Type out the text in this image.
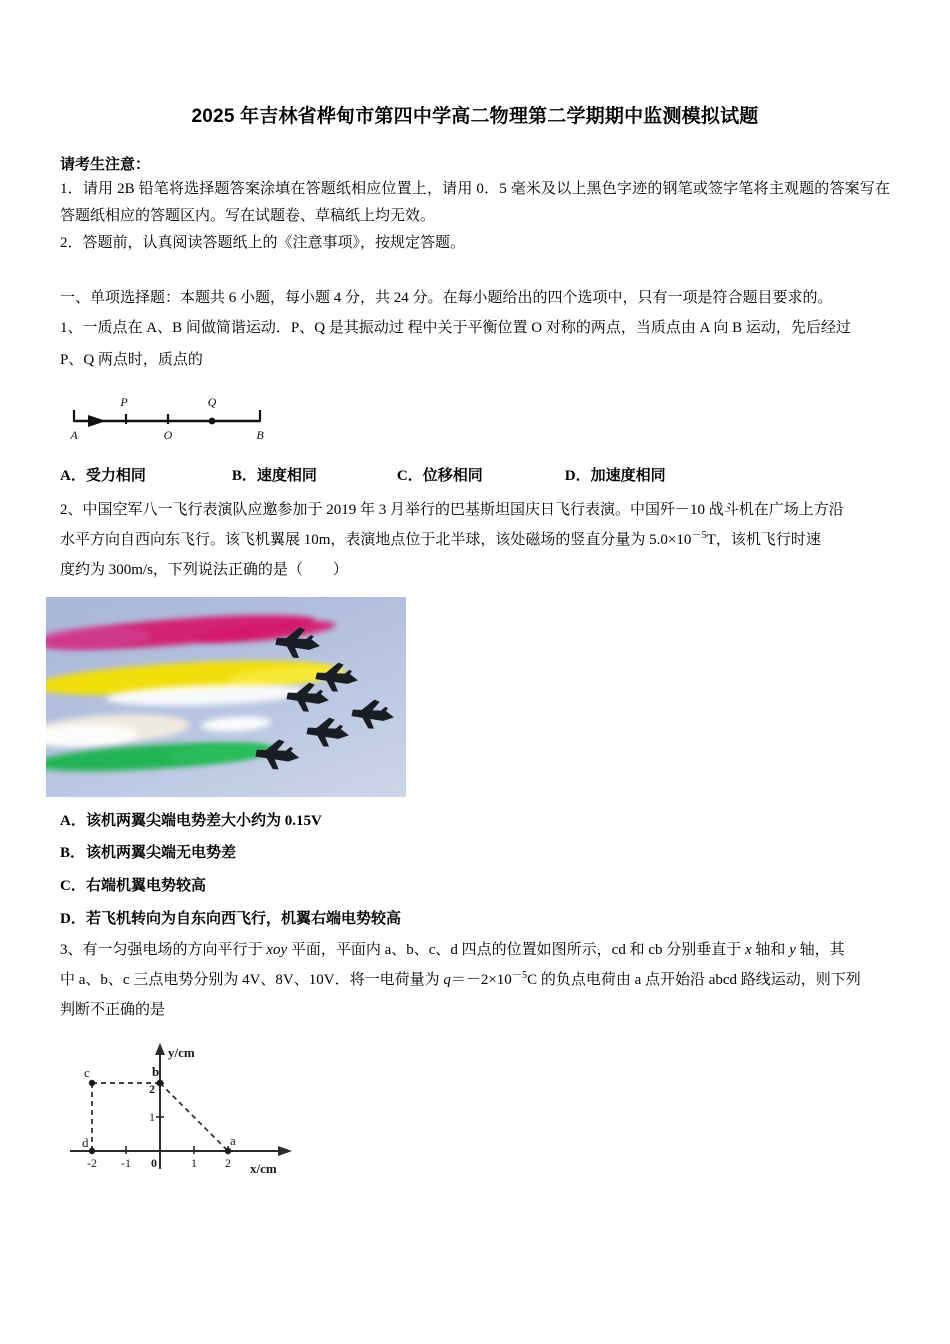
2025 年吉林省桦甸市第四中学高二物理第二学期期中监测模拟试题
请考生注意：
1．请用 2B 铅笔将选择题答案涂填在答题纸相应位置上，请用 0．5 毫米及以上黑色字迹的钢笔或签字笔将主观题的答案写在答题纸相应的答题区内。写在试题卷、草稿纸上均无效。
2．答题前，认真阅读答题纸上的《注意事项》，按规定答题。
一、单项选择题：本题共 6 小题，每小题 4 分，共 24 分。在每小题给出的四个选项中，只有一项是符合题目要求的。
1、一质点在 A、B 间做简谐运动．P、Q 是其振动过 程中关于平衡位置 O 对称的两点，当质点由 A 向 B 运动，先后经过
P、Q 两点时，质点的
P	Q
A	O	B
A．受力相同	B．速度相同	C．位移相同	D．加速度相同
2、中国空军八一飞行表演队应邀参加于 2019 年 3 月举行的巴基斯坦国庆日飞行表演。中国歼－10 战斗机在广场上方沿
水平方向自西向东飞行。该飞机翼展 10m，表演地点位于北半球，该处磁场的竖直分量为 $5.0\times 10^{-5}T$，该机飞行时速
度约为 300m/s，下列说法正确的是（　　）
A．该机两翼尖端电势差大小约为 0.15V
B．该机两翼尖端无电势差
C．右端机翼电势较高
D．若飞机转向为自东向西飞行，机翼右端电势较高
3、有一匀强电场的方向平行于 xoy 平面，平面内 a、b、c、d 四点的位置如图所示，cd 和 cb 分别垂直于 x 轴和 y 轴，其
中 a、b、c 三点电势分别为 4V、8V、10V．将一电荷量为 $q=-2\times 10^{-5}C$ 的负点电荷由 a 点开始沿 abcd 路线运动，则下列
判断不正确的是
c	b
d	a
-2 -1 0	1 2
1
2
x/cm
y/cm
